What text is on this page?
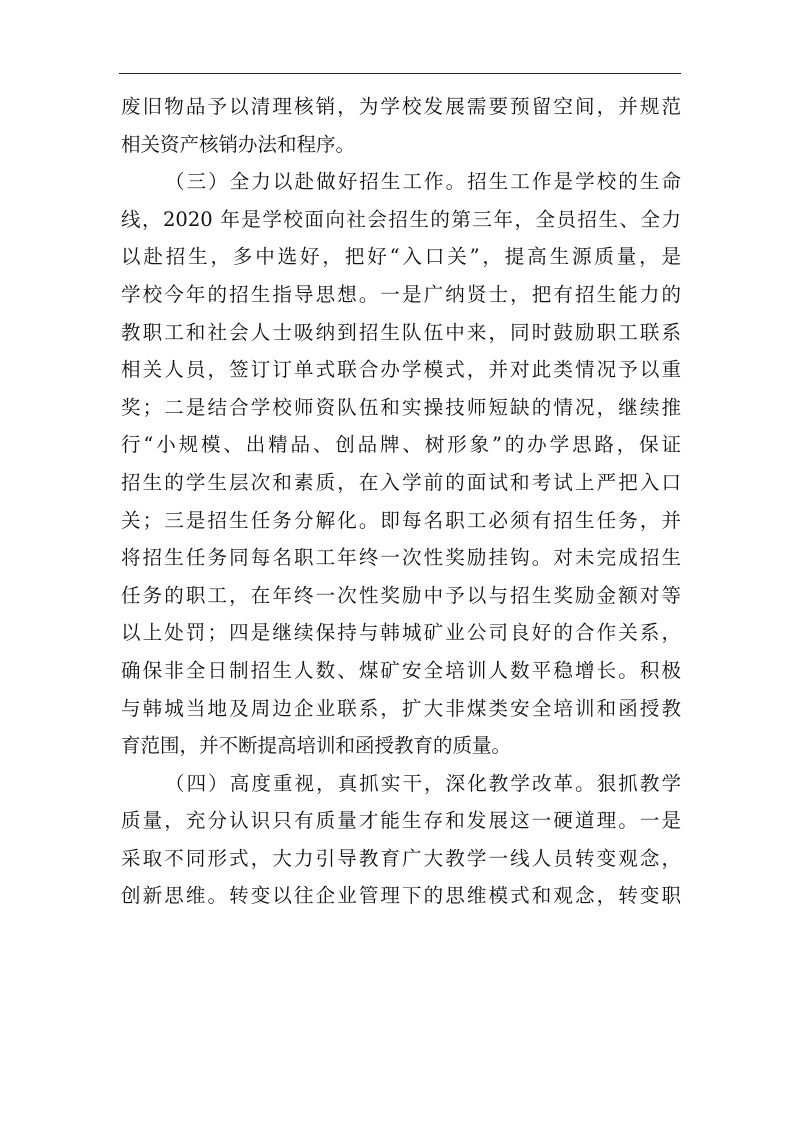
废旧物品予以清理核销，为学校发展需要预留空间，并规范
相关资产核销办法和程序。
（三）全力以赴做好招生工作。招生工作是学校的生命
线，2020 年是学校面向社会招生的第三年，全员招生、全力
以赴招生，多中选好，把好“入口关”，提高生源质量，是
学校今年的招生指导思想。一是广纳贤士，把有招生能力的
教职工和社会人士吸纳到招生队伍中来，同时鼓励职工联系
相关人员，签订订单式联合办学模式，并对此类情况予以重
奖；二是结合学校师资队伍和实操技师短缺的情况，继续推
行“小规模、出精品、创品牌、树形象”的办学思路，保证
招生的学生层次和素质，在入学前的面试和考试上严把入口
关；三是招生任务分解化。即每名职工必须有招生任务，并
将招生任务同每名职工年终一次性奖励挂钩。对未完成招生
任务的职工，在年终一次性奖励中予以与招生奖励金额对等
以上处罚；四是继续保持与韩城矿业公司良好的合作关系，
确保非全日制招生人数、煤矿安全培训人数平稳增长。积极
与韩城当地及周边企业联系，扩大非煤类安全培训和函授教
育范围，并不断提高培训和函授教育的质量。
（四）高度重视，真抓实干，深化教学改革。狠抓教学
质量，充分认识只有质量才能生存和发展这一硬道理。一是
采取不同形式，大力引导教育广大教学一线人员转变观念，
创新思维。转变以往企业管理下的思维模式和观念，转变职
